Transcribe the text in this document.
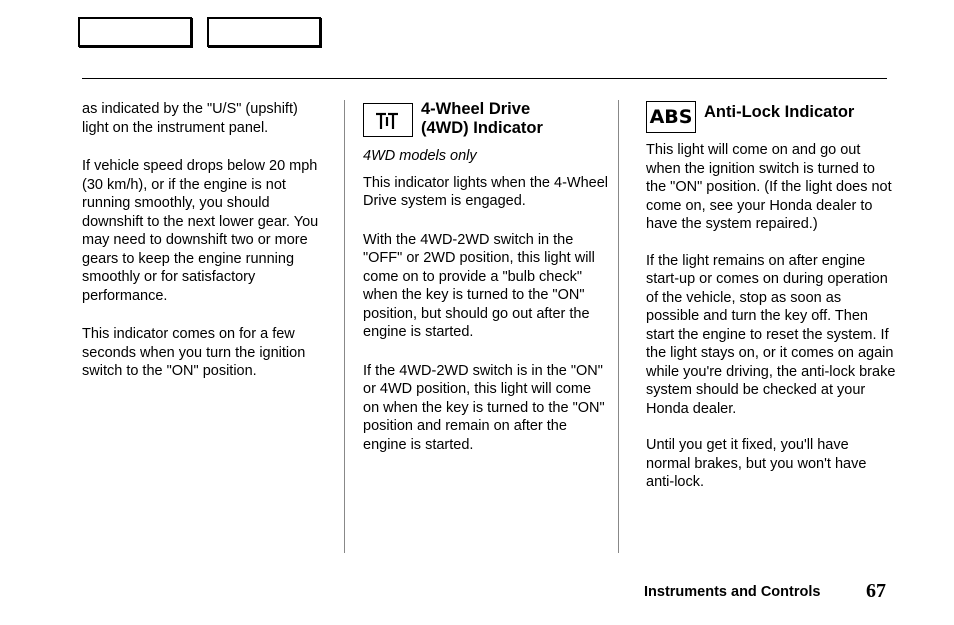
as indicated by the "U/S" (upshift) light on the instrument panel.

If vehicle speed drops below 20 mph (30 km/h), or if the engine is not running smoothly, you should downshift to the next lower gear. You may need to downshift two or more gears to keep the engine running smoothly or for satisfactory performance.

This indicator comes on for a few seconds when you turn the ignition switch to the "ON" position.

4-Wheel Drive (4WD) Indicator

4WD models only

This indicator lights when the 4-Wheel Drive system is engaged.

With the 4WD-2WD switch in the "OFF" or 2WD position, this light will come on to provide a "bulb check" when the key is turned to the "ON" position, but should go out after the engine is started.

If the 4WD-2WD switch is in the "ON" or 4WD position, this light will come on when the key is turned to the "ON" position and remain on after the engine is started.

ABS Anti-Lock Indicator

This light will come on and go out when the ignition switch is turned to the "ON" position. (If the light does not come on, see your Honda dealer to have the system repaired.)

If the light remains on after engine start-up or comes on during operation of the vehicle, stop as soon as possible and turn the key off. Then start the engine to reset the system. If the light stays on, or it comes on again while you're driving, the anti-lock brake system should be checked at your Honda dealer.

Until you get it fixed, you'll have normal brakes, but you won't have anti-lock.

Instruments and Controls 67
